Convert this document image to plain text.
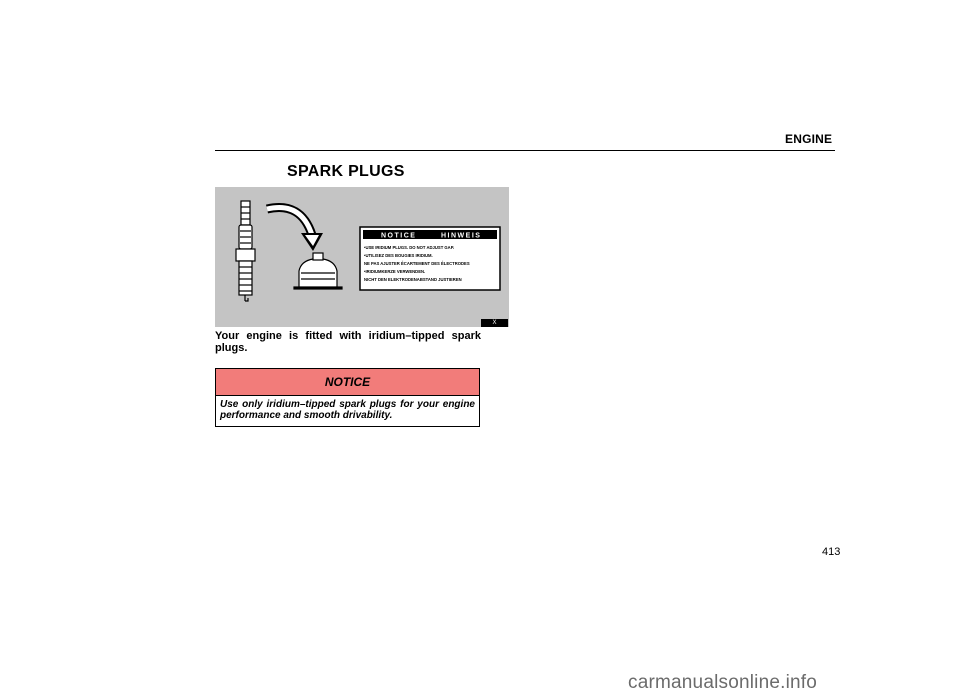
ENGINE
SPARK PLUGS
NOTICE	HINWEIS
•USE IRIDIUM PLUGS. DO NOT ADJUST GAP.
•UTILISEZ DES BOUGIES IRIDIUM.
NE PAS AJUSTER ÉCARTEMENT DES ÉLECTRODES
•IRIDIUMKERZE VERWENDEN.
NICHT DEN ELEKTRODENABSTAND JUSTIEREN
X
Your engine is fitted with iridium–tipped spark plugs.
NOTICE
Use only iridium–tipped spark plugs for your engine performance and smooth drivability.
413
carmanualsonline.info
